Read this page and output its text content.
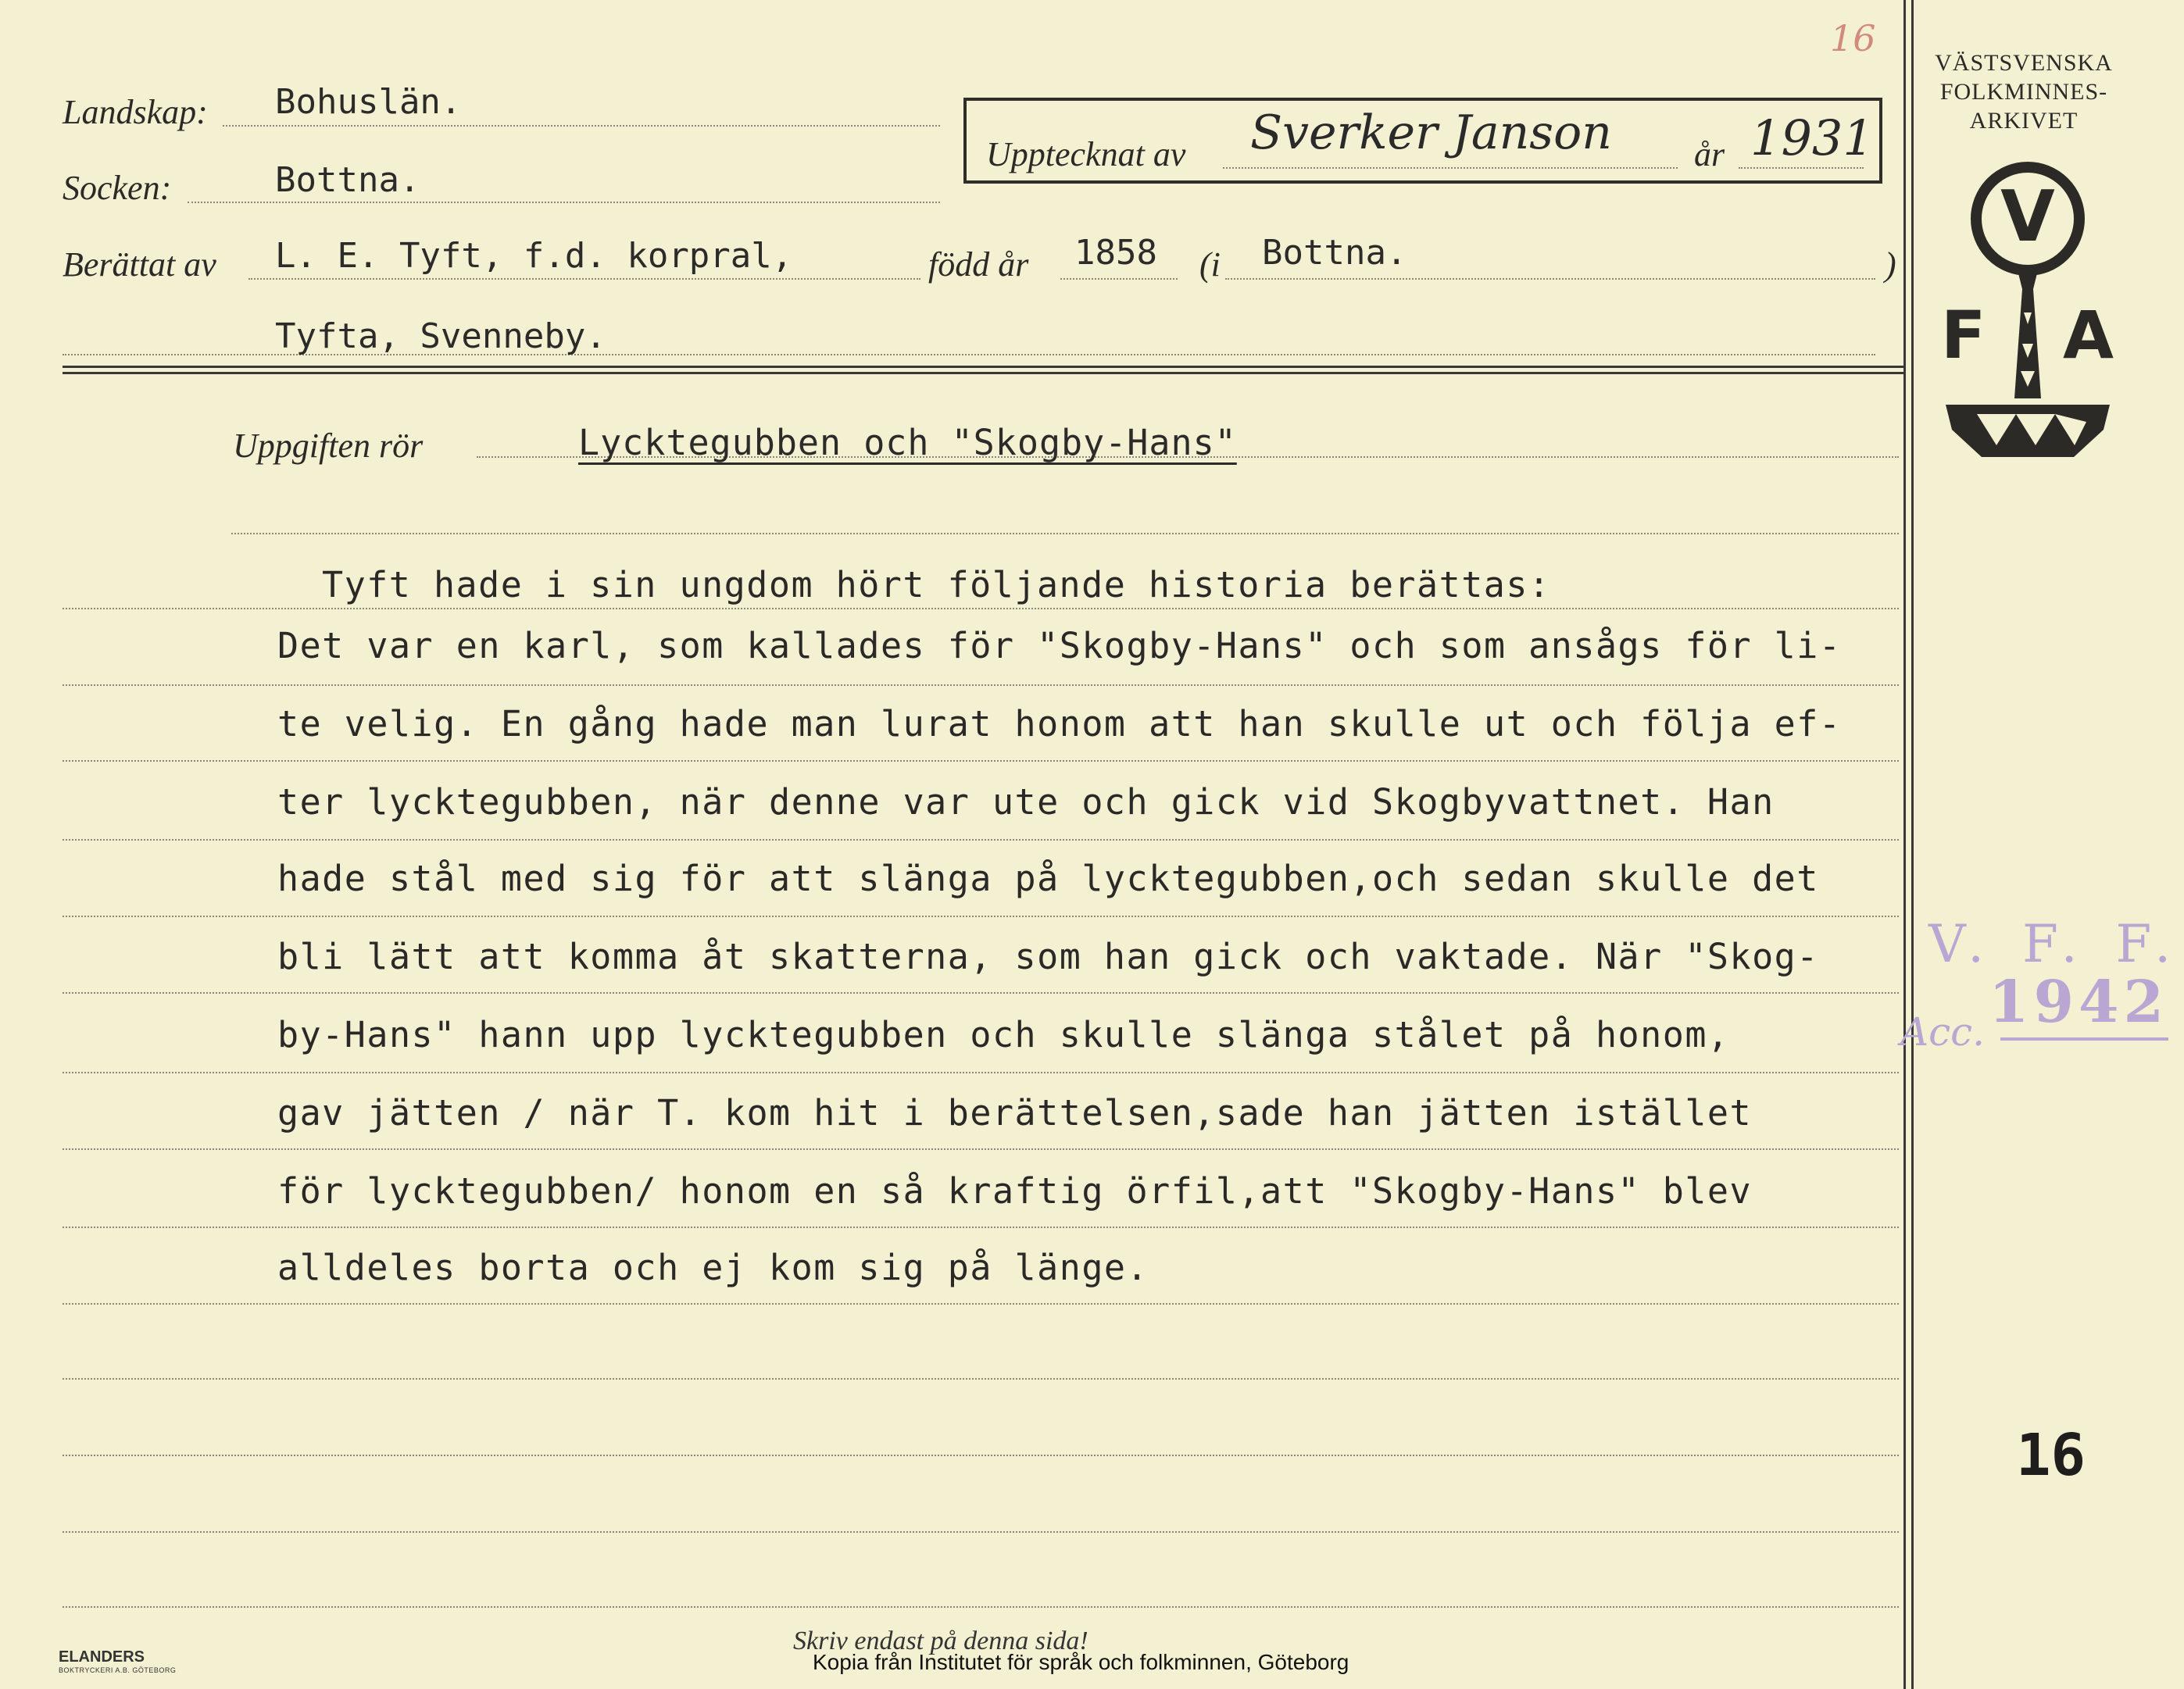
16
Landskap: Bohuslän.
Socken:	Bottna.
Upptecknat av Sverker Janson år 1931
Berättat av L. E. Tyft, f.d. korpral,	född år 1858 (i Bottna.	)
Tyfta, Svenneby.
Uppgiften rör	Lycktegubben och "Skogby-Hans"
Tyft hade i sin ungdom hört följande historia berättas:
Det var en karl, som kallades för "Skogby-Hans" och som ansågs för li-
te velig. En gång hade man lurat honom att han skulle ut och följa ef-
ter lycktegubben, när denne var ute och gick vid Skogbyvattnet. Han
hade stål med sig för att slänga på lycktegubben,och sedan skulle det
bli lätt att komma åt skatterna, som han gick och vaktade. När "Skog-
by-Hans" hann upp lycktegubben och skulle slänga stålet på honom,
gav jätten / när T. kom hit i berättelsen,sade han jätten istället
för lycktegubben/ honom en så kraftig örfil,att "Skogby-Hans" blev
alldeles borta och ej kom sig på länge.
VÄSTSVENSKA
FOLKMINNES-
ARKIVET
V
F A
V. F. F.
Acc. 1942
16
ELANDERS
BOKTRYCKERI A.B. GÖTEBORG
Skriv endast på denna sida!
Kopia från Institutet för språk och folkminnen, Göteborg
